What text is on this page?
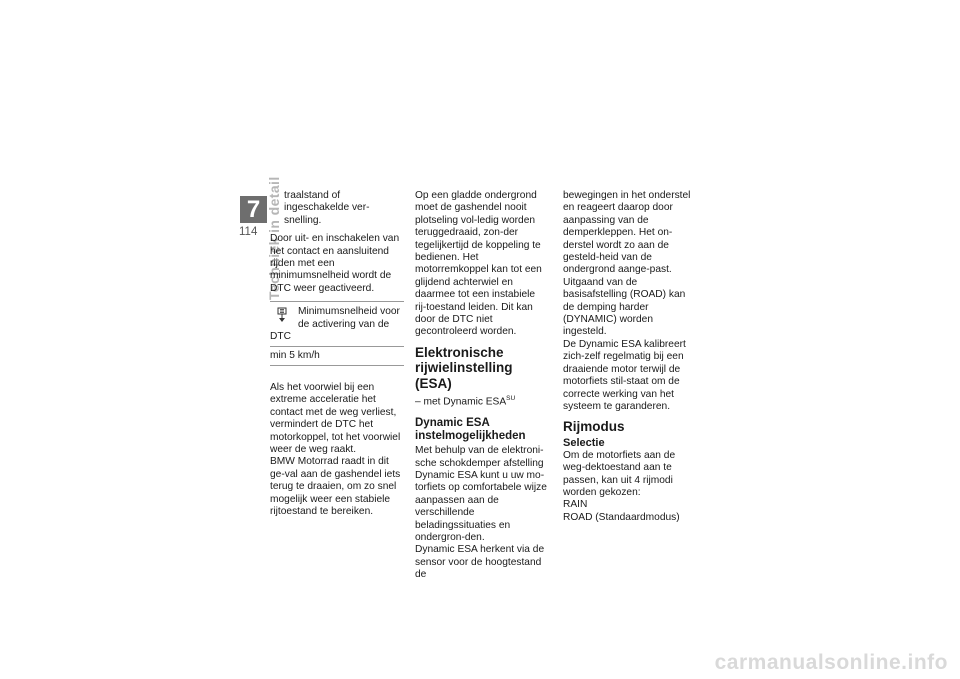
7
114 Techniek in detail traalstand of ingeschakelde ver-snelling.

Door uit- en inschakelen van het contact en aansluitend rijden met een minimumsnelheid wordt de DTC weer geactiveerd.

Minimumsnelheid voor de activering van de
DTC
min 5 km/h

Als het voorwiel bij een extreme acceleratie het contact met de weg verliest, vermindert de DTC het motorkoppel, tot het voorwiel weer de weg raakt.

BMW Motorrad raadt in dit ge-val aan de gashendel iets terug te draaien, om zo snel mogelijk weer een stabiele rijtoestand te bereiken.

Op een gladde ondergrond moet de gashendel nooit plotseling vol-ledig worden teruggedraaid, zon-der tegelijkertijd de koppeling te bedienen. Het motorremkoppel kan tot een glijdend achterwiel en daarmee tot een instabiele rij-toestand leiden. Dit kan door de DTC niet gecontroleerd worden.

Elektronische rijwielinstelling (ESA)

– met Dynamic $ESA^{SU}$

Dynamic ESA instelmogelijkheden

Met behulp van de elektroni-sche schokdemper afstelling Dynamic ESA kunt u uw mo-torfiets op comfortabele wijze aanpassen aan de verschillende beladingssituaties en ondergron-den.

Dynamic ESA herkent via de sensor voor de hoogtestand de

bewegingen in het onderstel en reageert daarop door aanpassing van de demperkleppen. Het on-derstel wordt zo aan de gesteld-heid van de ondergrond aange-past.

Uitgaand van de basisafstelling (ROAD) kan de demping harder (DYNAMIC) worden ingesteld.

De Dynamic ESA kalibreert zich-zelf regelmatig bij een draaiende motor terwijl de motorfiets stil-staat om de correcte werking van het systeem te garanderen.

Rijmodus
Selectie

Om de motorfiets aan de weg-dektoestand aan te passen, kan uit 4 rijmodi worden gekozen:

RAIN

ROAD (Standaardmodus)

carmanualsonline.info
